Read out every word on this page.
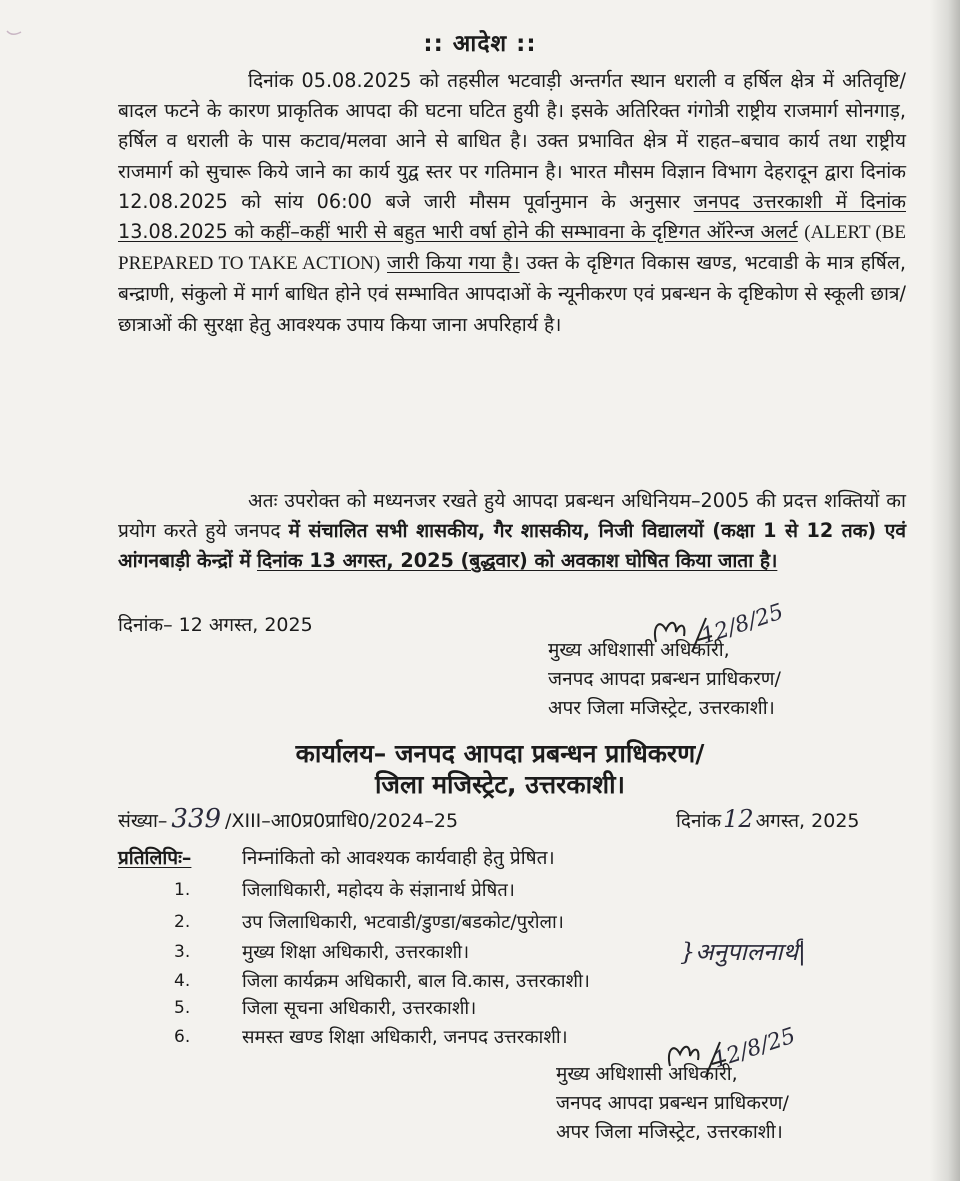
:: आदेश ::
दिनांक 05.08.2025 को तहसील भटवाड़ी अन्तर्गत स्थान धराली व हर्षिल क्षेत्र में अतिवृष्टि/बादल फटने के कारण प्राकृतिक आपदा की घटना घटित हुयी है। इसके अतिरिक्त गंगोत्री राष्ट्रीय राजमार्ग सोनगाड़, हर्षिल व धराली के पास कटाव/मलवा आने से बाधित है। उक्त प्रभावित क्षेत्र में राहत–बचाव कार्य तथा राष्ट्रीय राजमार्ग को सुचारू किये जाने का कार्य युद्व स्तर पर गतिमान है। भारत मौसम विज्ञान विभाग देहरादून द्वारा दिनांक 12.08.2025 को सांय 06:00 बजे जारी मौसम पूर्वानुमान के अनुसार जनपद उत्तरकाशी में दिनांक 13.08.2025 को कहीं–कहीं भारी से बहुत भारी वर्षा होने की सम्भावना के दृष्टिगत ऑरेन्ज अलर्ट (ALERT (BE PREPARED TO TAKE ACTION) जारी किया गया है। उक्त के दृष्टिगत विकास खण्ड, भटवाडी के मात्र हर्षिल, बन्द्राणी, संकुलो में मार्ग बाधित होने एवं सम्भावित आपदाओं के न्यूनीकरण एवं प्रबन्धन के दृष्टिकोण से स्कूली छात्र/छात्राओं की सुरक्षा हेतु आवश्यक उपाय किया जाना अपरिहार्य है।
अतः उपरोक्त को मध्यनजर रखते हुये आपदा प्रबन्धन अधिनियम–2005 की प्रदत्त शक्तियों का प्रयोग करते हुये जनपद में संचालित सभी शासकीय, गैर शासकीय, निजी विद्यालयों (कक्षा 1 से 12 तक) एवं आंगनबाड़ी केन्द्रों में दिनांक 13 अगस्त, 2025 (बुद्धवार) को अवकाश घोषित किया जाता है।
दिनांक– 12 अगस्त, 2025	12/8/25
मुख्य अधिशासी अधिकारी,
जनपद आपदा प्रबन्धन प्राधिकरण/
अपर जिला मजिस्ट्रेट, उत्तरकाशी।
कार्यालय– जनपद आपदा प्रबन्धन प्राधिकरण/
जिला मजिस्ट्रेट, उत्तरकाशी।
संख्या– 339 /XIII–आ0प्र0प्राधि0/2024–25	दिनांक12 अगस्त, 2025
प्रतिलिपिः–	निम्नांकितो को आवश्यक कार्यवाही हेतु प्रेषित।
1.	जिलाधिकारी, महोदय के संज्ञानार्थ प्रेषित।
2.	उप जिलाधिकारी, भटवाडी/डुण्डा/बडकोट/पुरोला।
3.	मुख्य शिक्षा अधिकारी, उत्तरकाशी।
4.	जिला कार्यक्रम अधिकारी, बाल वि.कास, उत्तरकाशी।
5.	जिला सूचना अधिकारी, उत्तरकाशी।
6.	समस्त खण्ड शिक्षा अधिकारी, जनपद उत्तरकाशी।
}अनुपालनार्थ|
12/8/25
मुख्य अधिशासी अधिकारी,
जनपद आपदा प्रबन्धन प्राधिकरण/
अपर जिला मजिस्ट्रेट, उत्तरकाशी।
